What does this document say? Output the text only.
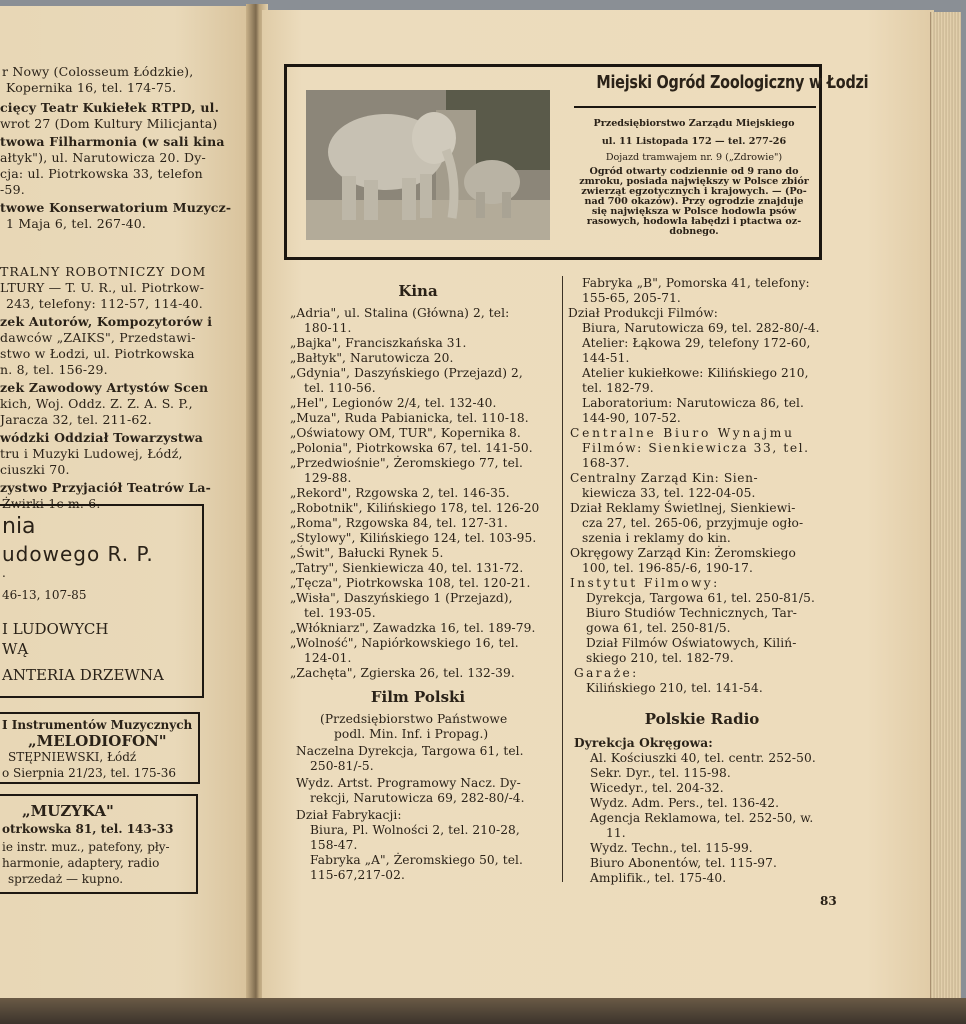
r Nowy (Colosseum Łódzkie),
Kopernika 16, tel. 174-75.
cięcy Teatr Kukiełek RTPD, ul.
wrot 27 (Dom Kultury Milicjanta)
twowa Filharmonia (w sali kina
ałtyk"), ul. Narutowicza 20. Dy-
cja: ul. Piotrkowska 33, telefon
-59.
twowe Konserwatorium Muzycz-
1 Maja 6, tel. 267-40.
TRALNY ROBOTNICZY DOM
LTURY — T. U. R., ul. Piotrkow-
243, telefony: 112-57, 114-40.
zek Autorów, Kompozytorów i
dawców „ZAIKS", Przedstawi-
stwo w Łodzi, ul. Piotrkowska
n. 8, tel. 156-29.
zek Zawodowy Artystów Scen
kich, Woj. Oddz. Z. Z. A. S. P.,
Jaracza 32, tel. 211-62.
wódzki Oddział Towarzystwa
tru i Muzyki Ludowej, Łódź,
ciuszki 70.
zystwo Przyjaciół Teatrów La-
Żwirki 1c m. 6.
nia
udowego R. P.
.
46-13, 107-85
I LUDOWYCH
WĄ
ANTERIA DRZEWNA
I Instrumentów Muzycznych
„MELODIOFON"
STĘPNIEWSKI, Łódź
o Sierpnia 21/23, tel. 175-36
„MUZYKA"
otrkowska 81, tel. 143-33
ie instr. muz., patefony, pły-
harmonie, adaptery, radio
sprzedaż — kupno.
Miejski Ogród Zoologiczny w Łodzi
Przedsiębiorstwo Zarządu Miejskiego
ul. 11 Listopada 172 — tel. 277-26
Dojazd tramwajem nr. 9 („Zdrowie")
Ogród otwarty codziennie od 9 rano do
zmroku, posiada największy w Polsce zbiór
zwierząt egzotycznych i krajowych. — (Po-
nad 700 okazów). Przy ogrodzie znajduje
się największa w Polsce hodowla psów
rasowych, hodowla łabędzi i ptactwa oz-
dobnego.
Kina
„Adria", ul. Stalina (Główna) 2, tel:
180-11.
„Bajka", Franciszkańska 31.
„Bałtyk", Narutowicza 20.
„Gdynia", Daszyńskiego (Przejazd) 2,
tel. 110-56.
„Hel", Legionów 2/4, tel. 132-40.
„Muza", Ruda Pabianicka, tel. 110-18.
„Oświatowy OM, TUR", Kopernika 8.
„Polonia", Piotrkowska 67, tel. 141-50.
„Przedwiośnie", Żeromskiego 77, tel.
129-88.
„Rekord", Rzgowska 2, tel. 146-35.
„Robotnik", Kilińskiego 178, tel. 126-20
„Roma", Rzgowska 84, tel. 127-31.
„Stylowy", Kilińskiego 124, tel. 103-95.
„Świt", Bałucki Rynek 5.
„Tatry", Sienkiewicza 40, tel. 131-72.
„Tęcza", Piotrkowska 108, tel. 120-21.
„Wisła", Daszyńskiego 1 (Przejazd),
tel. 193-05.
„Włókniarz", Zawadzka 16, tel. 189-79.
„Wolność", Napiórkowskiego 16, tel.
124-01.
„Zachęta", Zgierska 26, tel. 132-39.
Film Polski
(Przedsiębiorstwo Państwowe
podl. Min. Inf. i Propag.)
Naczelna Dyrekcja, Targowa 61, tel.
250-81/-5.
Wydz. Artst. Programowy Nacz. Dy-
rekcji, Narutowicza 69, 282-80/-4.
Dział Fabrykacji:
Biura, Pl. Wolności 2, tel. 210-28,
158-47.
Fabryka „A", Żeromskiego 50, tel.
115-67,217-02.
Fabryka „B", Pomorska 41, telefony:
155-65, 205-71.
Dział Produkcji Filmów:
Biura, Narutowicza 69, tel. 282-80/-4.
Atelier: Łąkowa 29, telefony 172-60,
144-51.
Atelier kukiełkowe: Kilińskiego 210,
tel. 182-79.
Laboratorium: Narutowicza 86, tel.
144-90, 107-52.
Centralne Biuro Wynajmu
Filmów: Sienkiewicza 33, tel.
168-37.
Centralny Zarząd Kin: Sien-
kiewicza 33, tel. 122-04-05.
Dział Reklamy Świetlnej, Sienkiewi-
cza 27, tel. 265-06, przyjmuje ogło-
szenia i reklamy do kin.
Okręgowy Zarząd Kin: Żeromskiego
100, tel. 196-85/-6, 190-17.
Instytut Filmowy:
Dyrekcja, Targowa 61, tel. 250-81/5.
Biuro Studiów Technicznych, Tar-
gowa 61, tel. 250-81/5.
Dział Filmów Oświatowych, Kiliń-
skiego 210, tel. 182-79.
Garaże:
Kilińskiego 210, tel. 141-54.
Polskie Radio
Dyrekcja Okręgowa:
Al. Kościuszki 40, tel. centr. 252-50.
Sekr. Dyr., tel. 115-98.
Wicedyr., tel. 204-32.
Wydz. Adm. Pers., tel. 136-42.
Agencja Reklamowa, tel. 252-50, w.
11.
Wydz. Techn., tel. 115-99.
Biuro Abonentów, tel. 115-97.
Amplifik., tel. 175-40.
83
